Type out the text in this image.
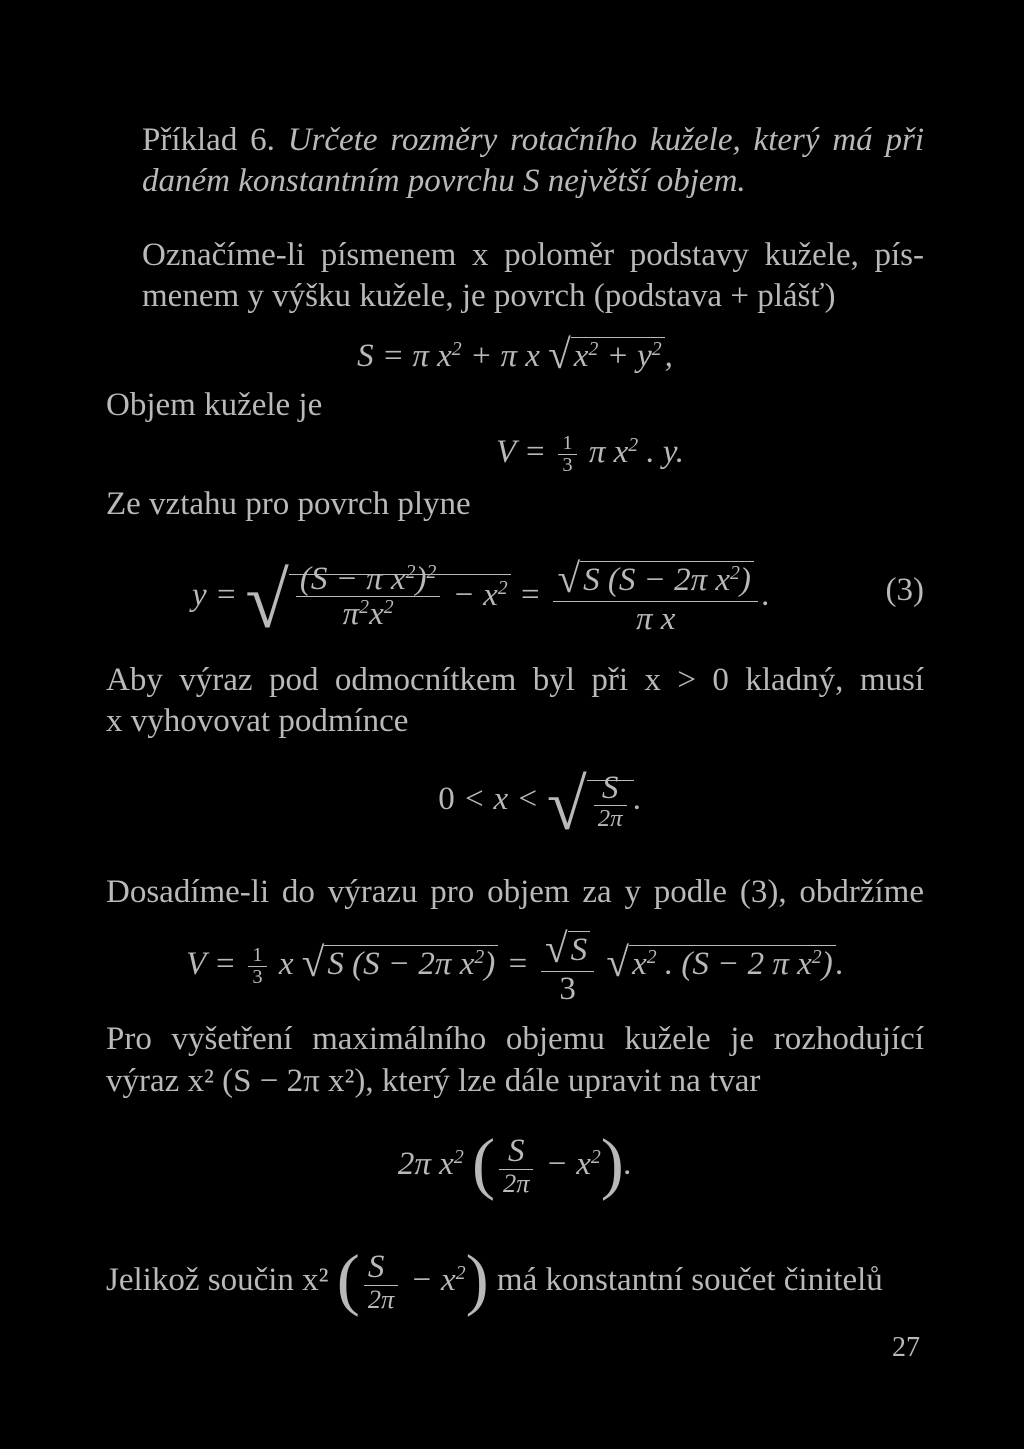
Příklad 6. Určete rozměry rotačního kužele, který má při
daném konstantním povrchu S největší objem.

Označíme-li písmenem x poloměr podstavy kužele, pís-
menem y výšku kužele, je povrch (podstava + plášť)

S = π $x^2 + \pi$ x $√x^2 + y^2$,

Objem kužele je

$V = \frac{1}{3}$ π $x^2$ . y.

Ze vztahu pro povrch plyne

y = √ $\frac{(S - \pi x^2)^2}{\pi^2x^2} - x^2 = \frac{√S (S - 2\pi x^2)}{\text{π x}}$ .	(3)

Aby výraz pod odmocnítkem byl při x > 0 kladný, musí
x vyhovovat podmínce

0 < x < √ $\frac{S}{2\pi}$ .

Dosadíme-li do výrazu pro objem za y podle (3), obdržíme

$V = \frac{1}{3}$ x √S (S − 2π $x^2) = \frac{√S}{3} √x^2$ . (S − 2 π $x^2$).

Pro vyšetření maximálního objemu kužele je rozhodující
výraz x² (S − 2π x²), který lze dále upravit na tvar

2π $x^2$ ( $\frac{S}{2\pi} - x^2$).

Jelikož součin x² ( $\frac{S}{2\pi} - x^2$) má konstantní součet činitelů

27
